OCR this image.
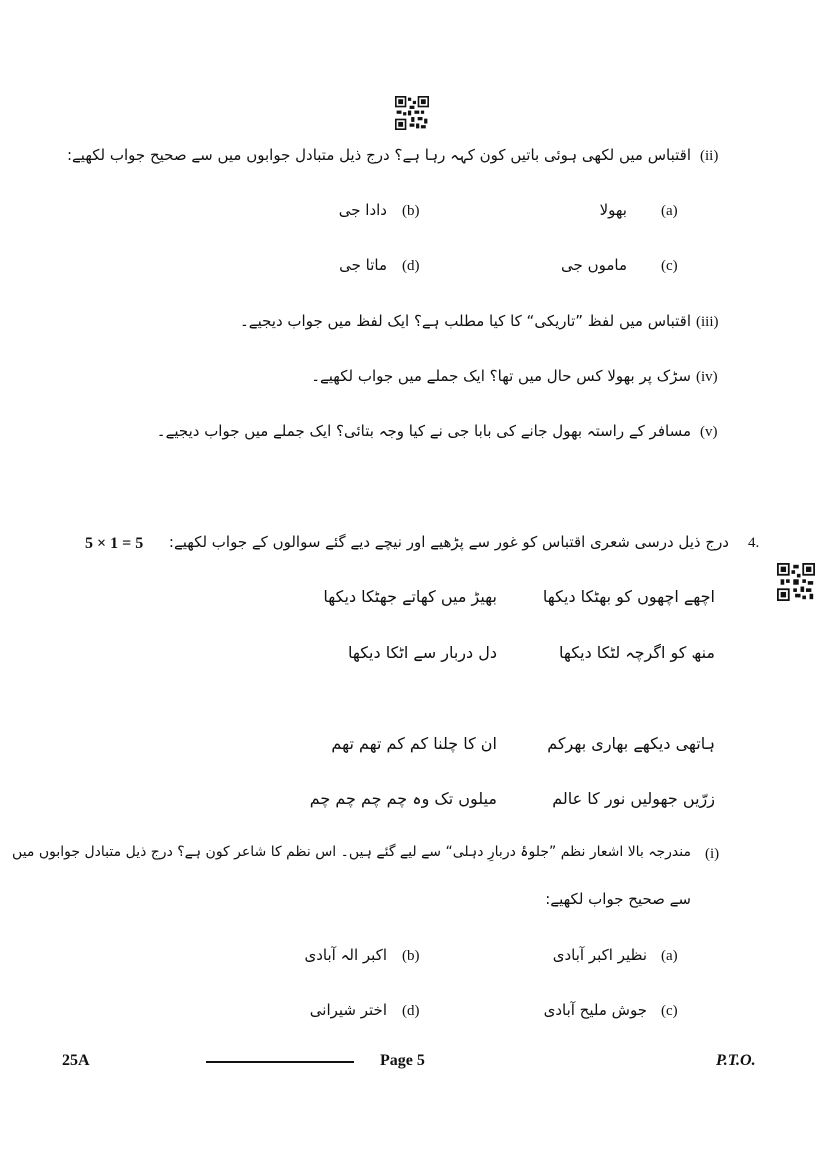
(ii)
اقتباس میں لکھی ہوئی باتیں کون کہہ رہا ہے؟ درج ذیل متبادل جوابوں میں سے صحیح جواب لکھیے:
(a)
بھولا
(b)
دادا جی
(c)
ماموں جی
(d)
ماتا جی
(iii)
اقتباس میں لفظ ”تاریکی“ کا کیا مطلب ہے؟ ایک لفظ میں جواب دیجیے۔
(iv)
سڑک پر بھولا کس حال میں تھا؟ ایک جملے میں جواب لکھیے۔
(v)
مسافر کے راستہ بھول جانے کی بابا جی نے کیا وجہ بتائی؟ ایک جملے میں جواب دیجیے۔
5 × 1 = 5	4.
درج ذیل درسی شعری اقتباس کو غور سے پڑھیے اور نیچے دیے گئے سوالوں کے جواب لکھیے:
اچھے اچھوں کو بھٹکا دیکھا
بھیڑ میں کھاتے جھٹکا دیکھا
منھ کو اگرچہ لٹکا دیکھا
دل دربار سے اٹکا دیکھا
ہاتھی دیکھے بھاری بھرکم
ان کا چلنا کم کم تھم تھم
زرّیں جھولیں نور کا عالم
میلوں تک وہ چم چم چم چم
(i)
مندرجہ بالا اشعار نظم ”جلوۂ دربارِ دہلی“ سے لیے گئے ہیں۔ اس نظم کا شاعر کون ہے؟ درج ذیل متبادل جوابوں میں
سے صحیح جواب لکھیے:
(a)
نظیر اکبر آبادی
(b)
اکبر الہ آبادی
(c)
جوش ملیح آبادی
(d)
اختر شیرانی
25A	Page 5	P.T.O.
